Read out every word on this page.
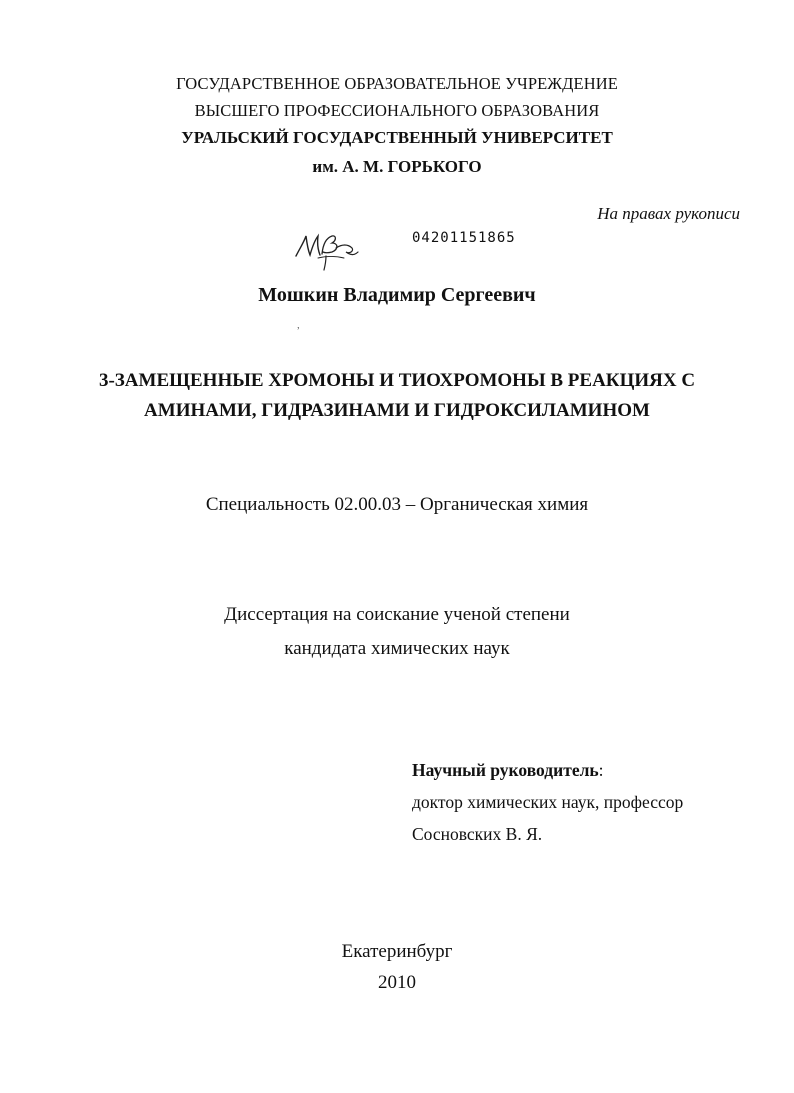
ГОСУДАРСТВЕННОЕ ОБРАЗОВАТЕЛЬНОЕ УЧРЕЖДЕНИЕ
ВЫСШЕГО ПРОФЕССИОНАЛЬНОГО ОБРАЗОВАНИЯ
УРАЛЬСКИЙ ГОСУДАРСТВЕННЫЙ УНИВЕРСИТЕТ
им. А. М. ГОРЬКОГО
На правах рукописи
04201151865
Мошкин Владимир Сергеевич
,
3-ЗАМЕЩЕННЫЕ ХРОМОНЫ И ТИОХРОМОНЫ В РЕАКЦИЯХ С
АМИНАМИ, ГИДРАЗИНАМИ И ГИДРОКСИЛАМИНОМ
Специальность 02.00.03 – Органическая химия
Диссертация на соискание ученой степени
кандидата химических наук
Научный руководитель:
доктор химических наук, профессор
Сосновских В. Я.
Екатеринбург
2010
